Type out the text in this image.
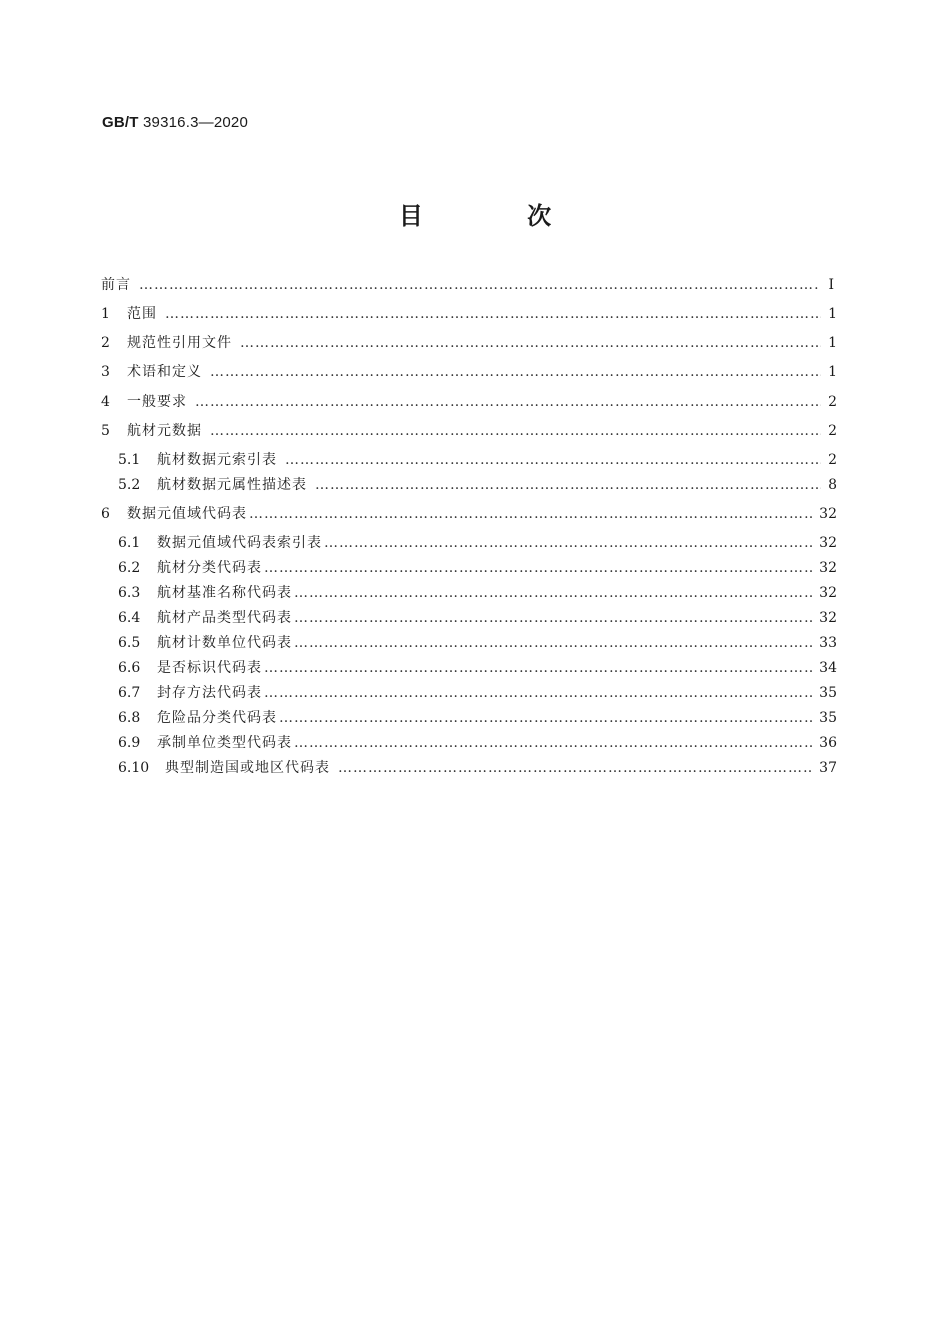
GB/T 39316.3—2020
目 次
前言 ………………………………………………………………………………………………………………………………………………………………………………………………………………………………………………	Ⅰ
1	范围 ………………………………………………………………………………………………………………………………………………………………………………………………………………………………………………	1
2	规范性引用文件 ………………………………………………………………………………………………………………………………………………………………………………………………………………………………………………	1
3	术语和定义 ………………………………………………………………………………………………………………………………………………………………………………………………………………………………………………	1
4	一般要求 ………………………………………………………………………………………………………………………………………………………………………………………………………………………………………………	2
5	航材元数据 ………………………………………………………………………………………………………………………………………………………………………………………………………………………………………………	2
5.1	航材数据元索引表 ………………………………………………………………………………………………………………………………………………………………………………………………………………………………………………	2
5.2	航材数据元属性描述表 ………………………………………………………………………………………………………………………………………………………………………………………………………………………………………………	8
6	数据元值域代码表 ………………………………………………………………………………………………………………………………………………………………………………………………………………………………………………	32
6.1	数据元值域代码表索引表 ………………………………………………………………………………………………………………………………………………………………………………………………………………………………………………	32
6.2	航材分类代码表 ………………………………………………………………………………………………………………………………………………………………………………………………………………………………………………	32
6.3	航材基准名称代码表 ………………………………………………………………………………………………………………………………………………………………………………………………………………………………………………	32
6.4	航材产品类型代码表 ………………………………………………………………………………………………………………………………………………………………………………………………………………………………………………	32
6.5	航材计数单位代码表 ………………………………………………………………………………………………………………………………………………………………………………………………………………………………………………	33
6.6	是否标识代码表 ………………………………………………………………………………………………………………………………………………………………………………………………………………………………………………	34
6.7	封存方法代码表 ………………………………………………………………………………………………………………………………………………………………………………………………………………………………………………	35
6.8	危险品分类代码表 ………………………………………………………………………………………………………………………………………………………………………………………………………………………………………………	35
6.9	承制单位类型代码表 ………………………………………………………………………………………………………………………………………………………………………………………………………………………………………………	36
6.10	典型制造国或地区代码表 ………………………………………………………………………………………………………………………………………………………………………………………………………………………………………………	37
